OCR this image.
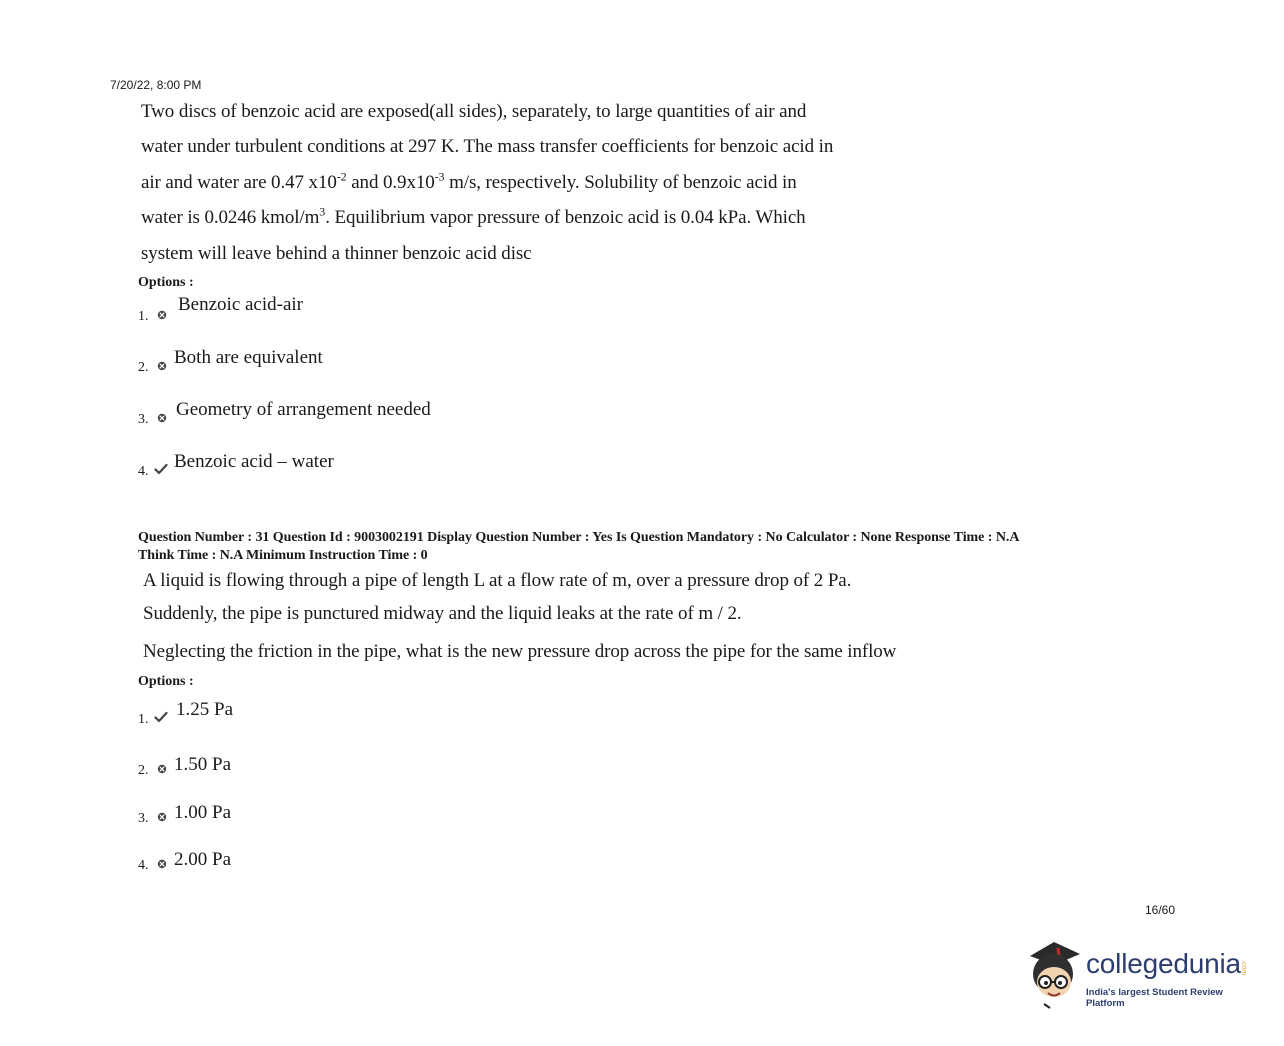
7/20/22, 8:00 PM
Two discs of benzoic acid are exposed(all sides), separately, to large quantities of air and
water under turbulent conditions at 297 K. The mass transfer coefficients for benzoic acid in
air and water are 0.47 $x10^{-2}$ and $0.9x10^{-3}$ m/s, respectively. Solubility of benzoic acid in
water is 0.0246 kmol/$m^3$. Equilibrium vapor pressure of benzoic acid is 0.04 kPa. Which
system will leave behind a thinner benzoic acid disc
Options :
1.
Benzoic acid-air
2. Both are equivalent
3. Geometry of arrangement needed
4. Benzoic acid – water
Question Number : 31 Question Id : 9003002191 Display Question Number : Yes Is Question Mandatory : No Calculator : None Response Time : N.A
Think Time : N.A Minimum Instruction Time : 0
A liquid is flowing through a pipe of length L at a flow rate of m, over a pressure drop of 2 Pa.
Suddenly, the pipe is punctured midway and the liquid leaks at the rate of m / 2.
Neglecting the friction in the pipe, what is the new pressure drop across the pipe for the same inflow
Options :
1. 1.25 Pa
2. 1.50 Pa
3. 1.00 Pa
4. 2.00 Pa
16/60
collegedunia .com
India's largest Student Review Platform
